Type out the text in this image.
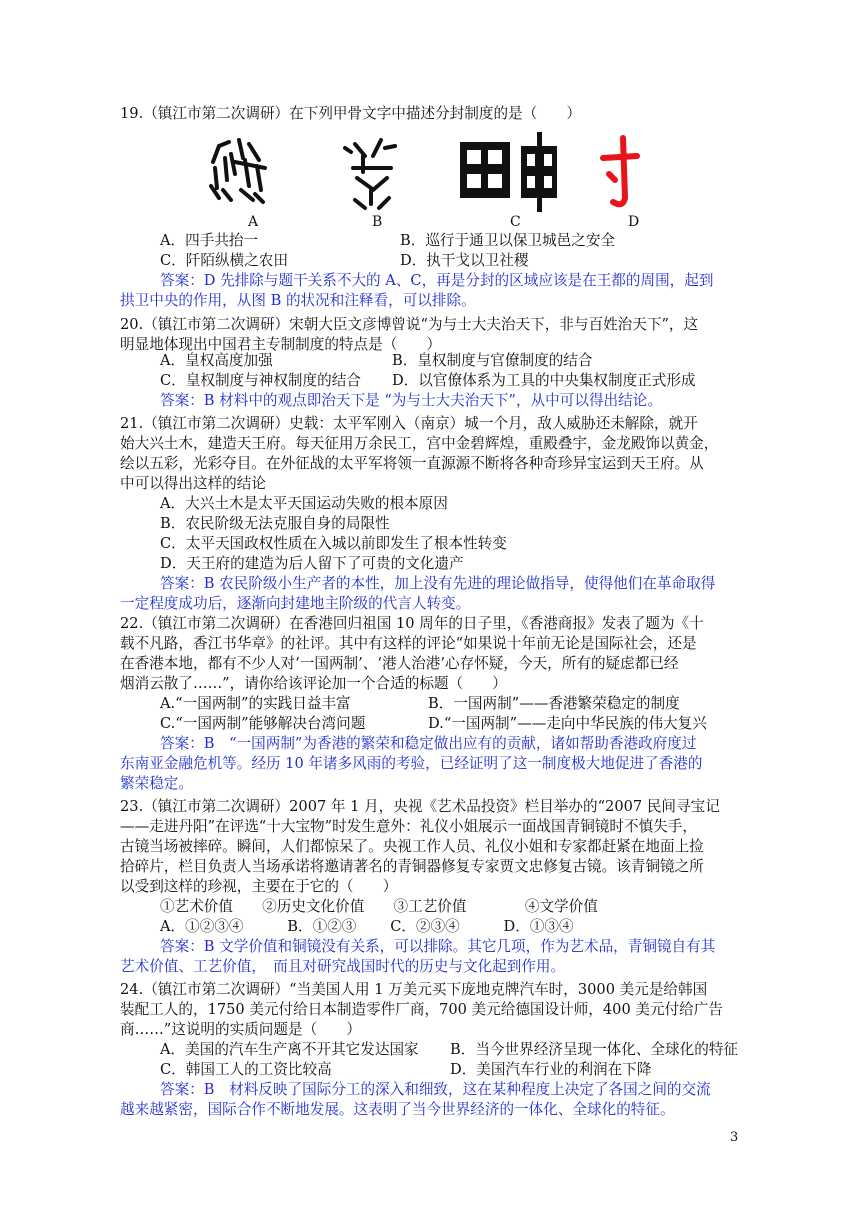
19.（镇江市第二次调研）在下列甲骨文字中描述分封制度的是（　　）
A	B	C	D
A．四手共抬一	B．巡行于通卫以保卫城邑之安全
C．阡陌纵横之农田	D．执干戈以卫社稷
答案：D 先排除与题干关系不大的 A、C，再是分封的区域应该是在王都的周围，起到
拱卫中央的作用，从图 B 的状况和注释看，可以排除。
20.（镇江市第二次调研）宋朝大臣文彦博曾说“为与士大夫治天下，非与百姓治天下”，这
明显地体现出中国君主专制制度的特点是（　　）
A．皇权高度加强	B．皇权制度与官僚制度的结合
C．皇权制度与神权制度的结合 D．以官僚体系为工具的中央集权制度正式形成
答案：B 材料中的观点即治天下是 “为与士大夫治天下”，从中可以得出结论。
21.（镇江市第二次调研）史载：太平军刚入（南京）城一个月，敌人威胁还未解除，就开
始大兴土木，建造天王府。每天征用万余民工，宫中金碧辉煌，重殿叠宇，金龙殿饰以黄金，
绘以五彩，光彩夺目。在外征战的太平军将领一直源源不断将各种奇珍异宝运到天王府。从
中可以得出这样的结论
A．大兴土木是太平天国运动失败的根本原因
B．农民阶级无法克服自身的局限性
C．太平天国政权性质在入城以前即发生了根本性转变
D．天王府的建造为后人留下了可贵的文化遗产
答案：B 农民阶级小生产者的本性，加上没有先进的理论做指导，使得他们在革命取得
一定程度成功后，逐渐向封建地主阶级的代言人转变。
22.（镇江市第二次调研）在香港回归祖国 10 周年的日子里，《香港商报》发表了题为《十
载不凡路，香江书华章》的社评。其中有这样的评论“如果说十年前无论是国际社会，还是
在香港本地，都有不少人对‘一国两制’、‘港人治港’心存怀疑，今天，所有的疑虑都已经
烟消云散了……”，请你给该评论加一个合适的标题（　　）
A.“一国两制”的实践日益丰富	B．一国两制”——香港繁荣稳定的制度
C.“一国两制”能够解决台湾问题	D.“一国两制”——走向中华民族的伟大复兴
答案：B　“一国两制”为香港的繁荣和稳定做出应有的贡献，诸如帮助香港政府度过
东南亚金融危机等。经历 10 年诸多风雨的考验，已经证明了这一制度极大地促进了香港的
繁荣稳定。
23.（镇江市第二次调研）2007 年 1 月，央视《艺术品投资》栏目举办的“2007 民间寻宝记
——走进丹阳”在评选“十大宝物”时发生意外：礼仪小姐展示一面战国青铜镜时不慎失手，
古镜当场被摔碎。瞬间，人们都惊呆了。央视工作人员、礼仪小姐和专家都赶紧在地面上捡
拾碎片，栏目负责人当场承诺将邀请著名的青铜器修复专家贾文忠修复古镜。该青铜镜之所
以受到这样的珍视，主要在于它的（　　）
①艺术价值　　②历史文化价值　　③工艺价值　　　　④文学价值
A．①②③④　　　B．①②③　　 C．②③④　　　D．①③④
答案：B 文学价值和铜镜没有关系，可以排除。其它几项，作为艺术品，青铜镜自有其
艺术价值、工艺价值，　而且对研究战国时代的历史与文化起到作用。
24.（镇江市第二次调研）“当美国人用 1 万美元买下庞地克牌汽车时，3000 美元是给韩国
装配工人的，1750 美元付给日本制造零件厂商，700 美元给德国设计师，400 美元付给广告
商……”这说明的实质问题是（　　）
A．美国的汽车生产离不开其它发达国家 B．当今世界经济呈现一体化、全球化的特征
C．韩国工人的工资比较高	D．美国汽车行业的利润在下降
答案：B　材料反映了国际分工的深入和细致，这在某种程度上决定了各国之间的交流
越来越紧密，国际合作不断地发展。这表明了当今世界经济的一体化、全球化的特征。
3
